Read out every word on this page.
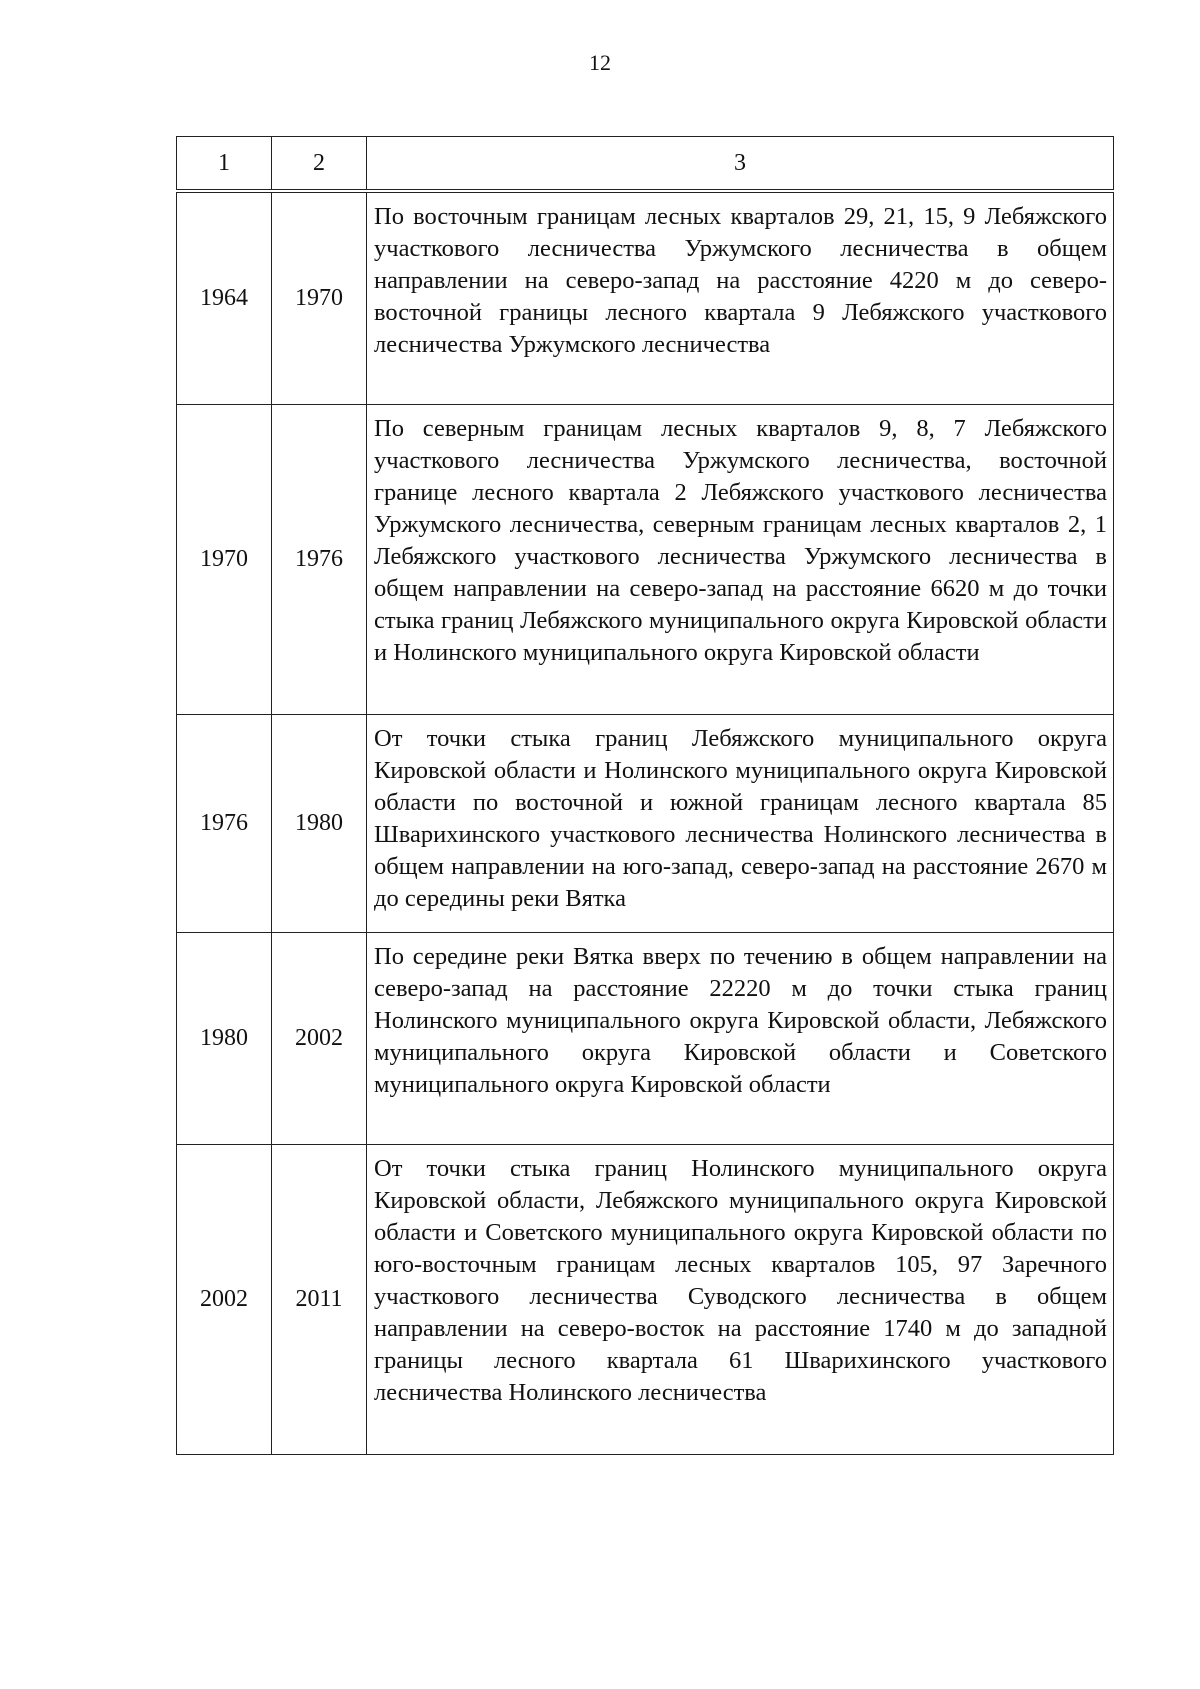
12
1	2	3
1964	1970	По восточным границам лесных кварталов 29, 21, 15, 9 Лебяжского участкового лесничества Уржумского лесничества в общем направлении на северо-запад на расстояние 4220 м до северо-восточной границы лесного квартала 9 Лебяжского участкового лесничества Уржумского лесничества
1970	1976	По северным границам лесных кварталов 9, 8, 7 Лебяжского участкового лесничества Уржумского лесничества, восточной границе лесного квартала 2 Лебяжского участкового лесничества Уржумского лесничества, северным границам лесных кварталов 2, 1 Лебяжского участкового лесничества Уржумского лесничества в общем направлении на северо-запад на расстояние 6620 м до точки стыка границ Лебяжского муниципального округа Кировской области и Нолинского муниципального округа Кировской области
1976	1980	От точки стыка границ Лебяжского муниципального округа Кировской области и Нолинского муниципального округа Кировской области по восточной и южной границам лесного квартала 85 Шварихинского участкового лесничества Нолинского лесничества в общем направлении на юго-запад, северо-запад на расстояние 2670 м до середины реки Вятка
1980	2002	По середине реки Вятка вверх по течению в общем направлении на северо-запад на расстояние 22220 м до точки стыка границ Нолинского муниципального округа Кировской области, Лебяжского муниципального округа Кировской области и Советского муниципального округа Кировской области
2002	2011	От точки стыка границ Нолинского муниципального округа Кировской области, Лебяжского муниципального округа Кировской области и Советского муниципального округа Кировской области по юго-восточным границам лесных кварталов 105, 97 Заречного участкового лесничества Суводского лесничества в общем направлении на северо-восток на расстояние 1740 м до западной границы лесного квартала 61 Шварихинского участкового лесничества Нолинского лесничества
